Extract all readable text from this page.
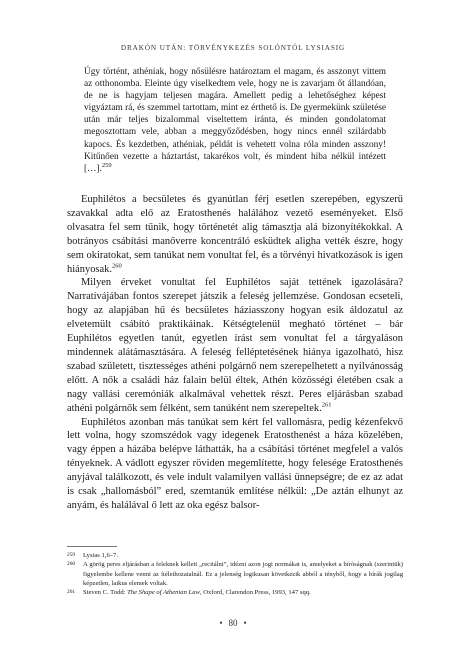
DRAKÓN UTÁN: TÖRVÉNYKEZÉS SOLÓNTÓL LYSIASIG
Úgy történt, athéniak, hogy nősülésre határoztam el magam, és asszonyt vittem az otthonomba. Eleinte úgy viselkedtem vele, hogy ne is zavarjam őt állandóan, de ne is hagyjam teljesen magára. Amellett pedig a lehetőséghez képest vigyáztam rá, és szemmel tartottam, mint ez érthető is. De gyermekünk születése után már teljes bizalommal viseltettem iránta, és minden gondolatomat megosztottam vele, abban a meggyőződésben, hogy nincs ennél szilárdabb kapocs. És kezdetben, athéniak, példát is vehetett volna róla minden asszony! Kitűnően vezette a háztartást, takarékos volt, és mindent hiba nélkül intézett […].$^{259}$

Euphilétos a becsületes és gyanútlan férj esetlen szerepében, egyszerű szavakkal adta elő az Eratosthenés halálához vezető eseményeket. Első olvasatra fel sem tűnik, hogy történetét alig támasztja alá bizonyítékokkal. A botrányos csábítási manőverre koncentráló esküdtek aligha vették észre, hogy sem okiratokat, sem tanúkat nem vonultat fel, és a törvényi hivatkozások is igen hiányosak.$^{260}$

Milyen érveket vonultat fel Euphilétos saját tettének igazolására? Narratívájában fontos szerepet játszik a feleség jellemzése. Gondosan ecseteli, hogy az alapjában hű és becsületes háziasszony hogyan esik áldozatul az elvetemült csábító praktikáinak. Kétségtelenül megható történet – bár Euphilétos egyetlen tanút, egyetlen írást sem vonultat fel a tárgyaláson mindennek alátámasztására. A feleség felléptetésének hiánya igazolható, hisz szabad született, tisztességes athéni polgárnő nem szerepelhetett a nyilvánosság előtt. A nők a családi ház falain belül éltek, Athén közösségi életében csak a nagy vallási ceremóniák alkalmával vehettek részt. Peres eljárásban szabad athéni polgárnők sem félként, sem tanúként nem szerepeltek.$^{261}$

Euphilétos azonban más tanúkat sem kért fel vallomásra, pedig kézenfekvő lett volna, hogy szomszédok vagy idegenek Eratosthenést a háza közelében, vagy éppen a házába belépve láthatták, ha a csábítási történet megfelel a valós tényeknek. A vádlott egyszer röviden megemlítette, hogy felesége Eratosthenés anyjával találkozott, és vele indult valamilyen vallási ünnepségre; de ez az adat is csak „hallomásból” ered, szemtanúk említése nélkül: „De aztán elhunyt az anyám, és halálával ő lett az oka egész balsor-

259 Lysias 1,6–7.
260 A görög peres eljárásban a feleknek kellett „recitálni”, idézni azon jogi normákat is, amelyeket a bíróságnak (szerintük) figyelembe kellene venni az ítélethozatalnál. Ez a jelenség logikusan következik abból a tényből, hogy a bírák jogilag képzetlen, laikus elemek voltak.
261 Steven C. Todd: The Shape of Athenian Law, Oxford, Clarendon Press, 1993, 147 sqq.
• 80 •
